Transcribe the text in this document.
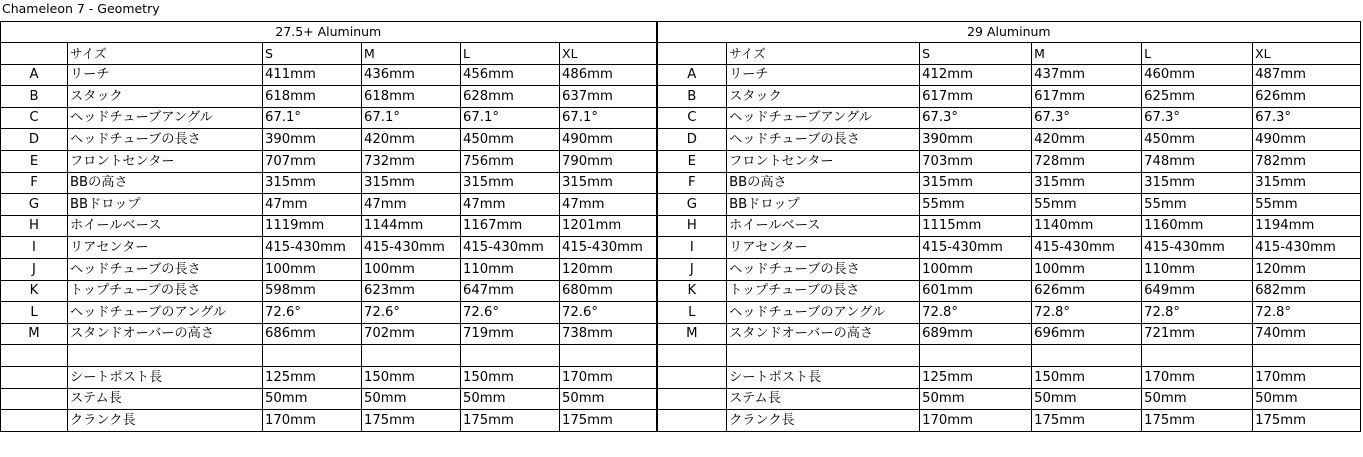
Chameleon 7 - Geometry
27.5+ Aluminum						29 Aluminum					
	サイズ	S	M	L	XL		サイズ	S	M	L	XL
A	リーチ	411mm	436mm	456mm	486mm	A	リーチ	412mm	437mm	460mm	487mm
B	スタック	618mm	618mm	628mm	637mm	B	スタック	617mm	617mm	625mm	626mm
C	ヘッドチューブアングル	67.1°	67.1°	67.1°	67.1°	C	ヘッドチューブアングル	67.3°	67.3°	67.3°	67.3°
D	ヘッドチューブの長さ	390mm	420mm	450mm	490mm	D	ヘッドチューブの長さ	390mm	420mm	450mm	490mm
E	フロントセンター	707mm	732mm	756mm	790mm	E	フロントセンター	703mm	728mm	748mm	782mm
F	BBの高さ	315mm	315mm	315mm	315mm	F	BBの高さ	315mm	315mm	315mm	315mm
G	BBドロップ	47mm	47mm	47mm	47mm	G	BBドロップ	55mm	55mm	55mm	55mm
H	ホイールベース	1119mm	1144mm	1167mm	1201mm	H	ホイールベース	1115mm	1140mm	1160mm	1194mm
I	リアセンター	415-430mm	415-430mm	415-430mm	415-430mm	I	リアセンター	415-430mm	415-430mm	415-430mm	415-430mm
J	ヘッドチューブの長さ	100mm	100mm	110mm	120mm	J	ヘッドチューブの長さ	100mm	100mm	110mm	120mm
K	トップチューブの長さ	598mm	623mm	647mm	680mm	K	トップチューブの長さ	601mm	626mm	649mm	682mm
L	ヘッドチューブのアングル	72.6°	72.6°	72.6°	72.6°	L	ヘッドチューブのアングル	72.8°	72.8°	72.8°	72.8°
M	スタンドオーバーの高さ	686mm	702mm	719mm	738mm	M	スタンドオーバーの高さ	689mm	696mm	721mm	740mm

	シートポスト長	125mm	150mm	150mm	170mm		シートポスト長	125mm	150mm	170mm	170mm
	ステム長	50mm	50mm	50mm	50mm		ステム長	50mm	50mm	50mm	50mm
	クランク長	170mm	175mm	175mm	175mm		クランク長	170mm	175mm	175mm	175mm
